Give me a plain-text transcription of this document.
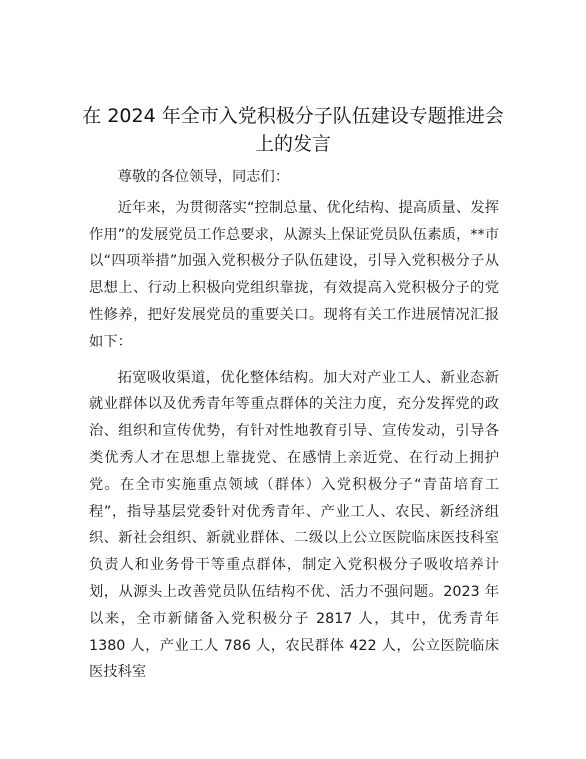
在 2024 年全市入党积极分子队伍建设专题推进会上的发言

尊敬的各位领导，同志们：

近年来，为贯彻落实“控制总量、优化结构、提高质量、发挥作用”的发展党员工作总要求，从源头上保证党员队伍素质，**市以“四项举措”加强入党积极分子队伍建设，引导入党积极分子从思想上、行动上积极向党组织靠拢，有效提高入党积极分子的党性修养，把好发展党员的重要关口。现将有关工作进展情况汇报如下：

拓宽吸收渠道，优化整体结构。加大对产业工人、新业态新就业群体以及优秀青年等重点群体的关注力度，充分发挥党的政治、组织和宣传优势，有针对性地教育引导、宣传发动，引导各类优秀人才在思想上靠拢党、在感情上亲近党、在行动上拥护党。在全市实施重点领域（群体）入党积极分子“青苗培育工程”，指导基层党委针对优秀青年、产业工人、农民、新经济组织、新社会组织、新就业群体、二级以上公立医院临床医技科室负责人和业务骨干等重点群体，制定入党积极分子吸收培养计划，从源头上改善党员队伍结构不优、活力不强问题。2023 年以来，全市新储备入党积极分子 2817 人，其中，优秀青年 1380 人，产业工人 786 人，农民群体 422 人，公立医院临床医技科室
